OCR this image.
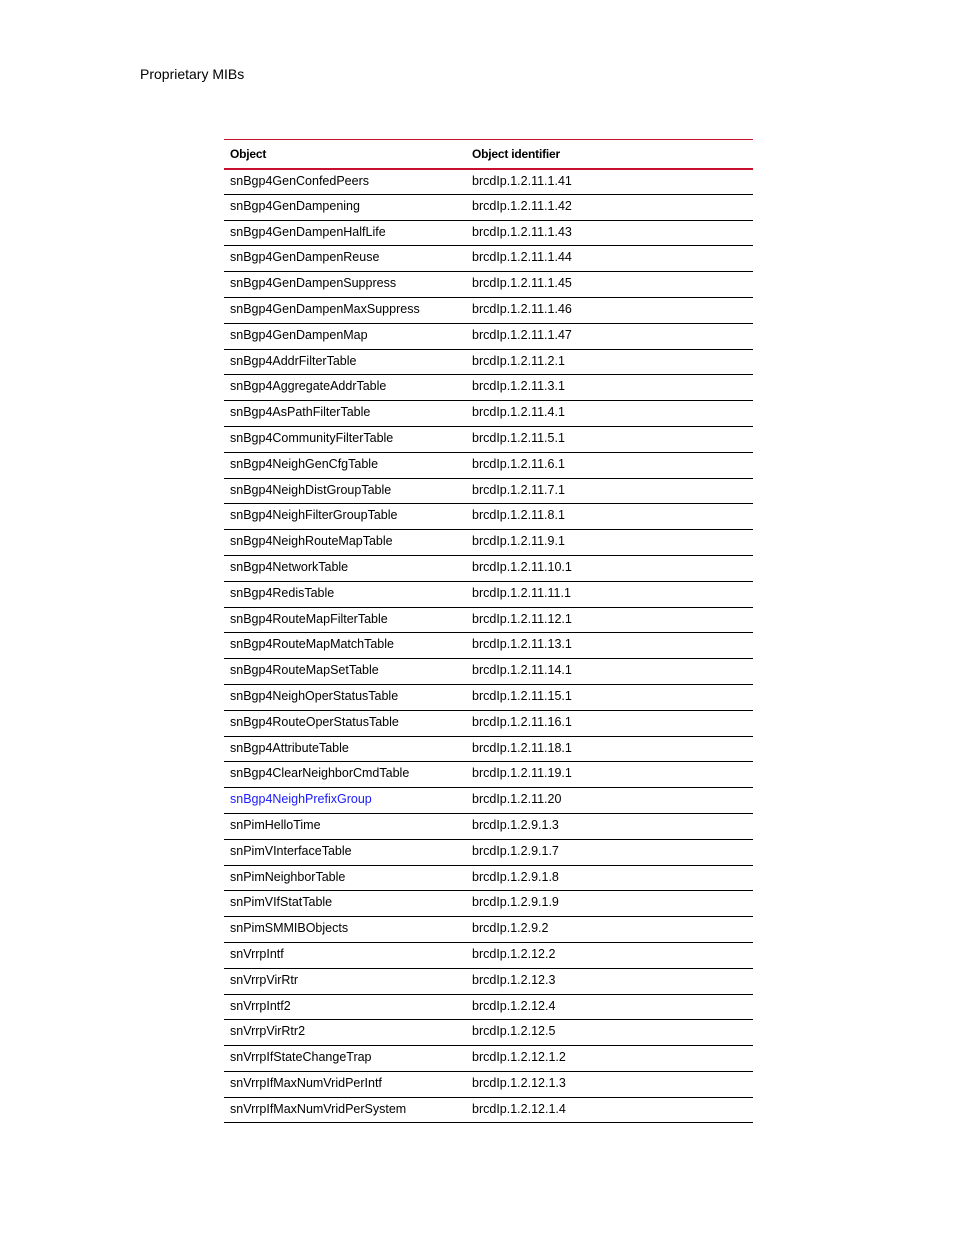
Proprietary MIBs
Object	Object identifier
snBgp4GenConfedPeers	brcdIp.1.2.11.1.41
snBgp4GenDampening	brcdIp.1.2.11.1.42
snBgp4GenDampenHalfLife	brcdIp.1.2.11.1.43
snBgp4GenDampenReuse	brcdIp.1.2.11.1.44
snBgp4GenDampenSuppress	brcdIp.1.2.11.1.45
snBgp4GenDampenMaxSuppress	brcdIp.1.2.11.1.46
snBgp4GenDampenMap	brcdIp.1.2.11.1.47
snBgp4AddrFilterTable	brcdIp.1.2.11.2.1
snBgp4AggregateAddrTable	brcdIp.1.2.11.3.1
snBgp4AsPathFilterTable	brcdIp.1.2.11.4.1
snBgp4CommunityFilterTable	brcdIp.1.2.11.5.1
snBgp4NeighGenCfgTable	brcdIp.1.2.11.6.1
snBgp4NeighDistGroupTable	brcdIp.1.2.11.7.1
snBgp4NeighFilterGroupTable	brcdIp.1.2.11.8.1
snBgp4NeighRouteMapTable	brcdIp.1.2.11.9.1
snBgp4NetworkTable	brcdIp.1.2.11.10.1
snBgp4RedisTable	brcdIp.1.2.11.11.1
snBgp4RouteMapFilterTable	brcdIp.1.2.11.12.1
snBgp4RouteMapMatchTable	brcdIp.1.2.11.13.1
snBgp4RouteMapSetTable	brcdIp.1.2.11.14.1
snBgp4NeighOperStatusTable	brcdIp.1.2.11.15.1
snBgp4RouteOperStatusTable	brcdIp.1.2.11.16.1
snBgp4AttributeTable	brcdIp.1.2.11.18.1
snBgp4ClearNeighborCmdTable	brcdIp.1.2.11.19.1
snBgp4NeighPrefixGroup	brcdIp.1.2.11.20
snPimHelloTime	brcdIp.1.2.9.1.3
snPimVInterfaceTable	brcdIp.1.2.9.1.7
snPimNeighborTable	brcdIp.1.2.9.1.8
snPimVIfStatTable	brcdIp.1.2.9.1.9
snPimSMMIBObjects	brcdIp.1.2.9.2
snVrrpIntf	brcdIp.1.2.12.2
snVrrpVirRtr	brcdIp.1.2.12.3
snVrrpIntf2	brcdIp.1.2.12.4
snVrrpVirRtr2	brcdIp.1.2.12.5
snVrrpIfStateChangeTrap	brcdIp.1.2.12.1.2
snVrrpIfMaxNumVridPerIntf	brcdIp.1.2.12.1.3
snVrrpIfMaxNumVridPerSystem	brcdIp.1.2.12.1.4
